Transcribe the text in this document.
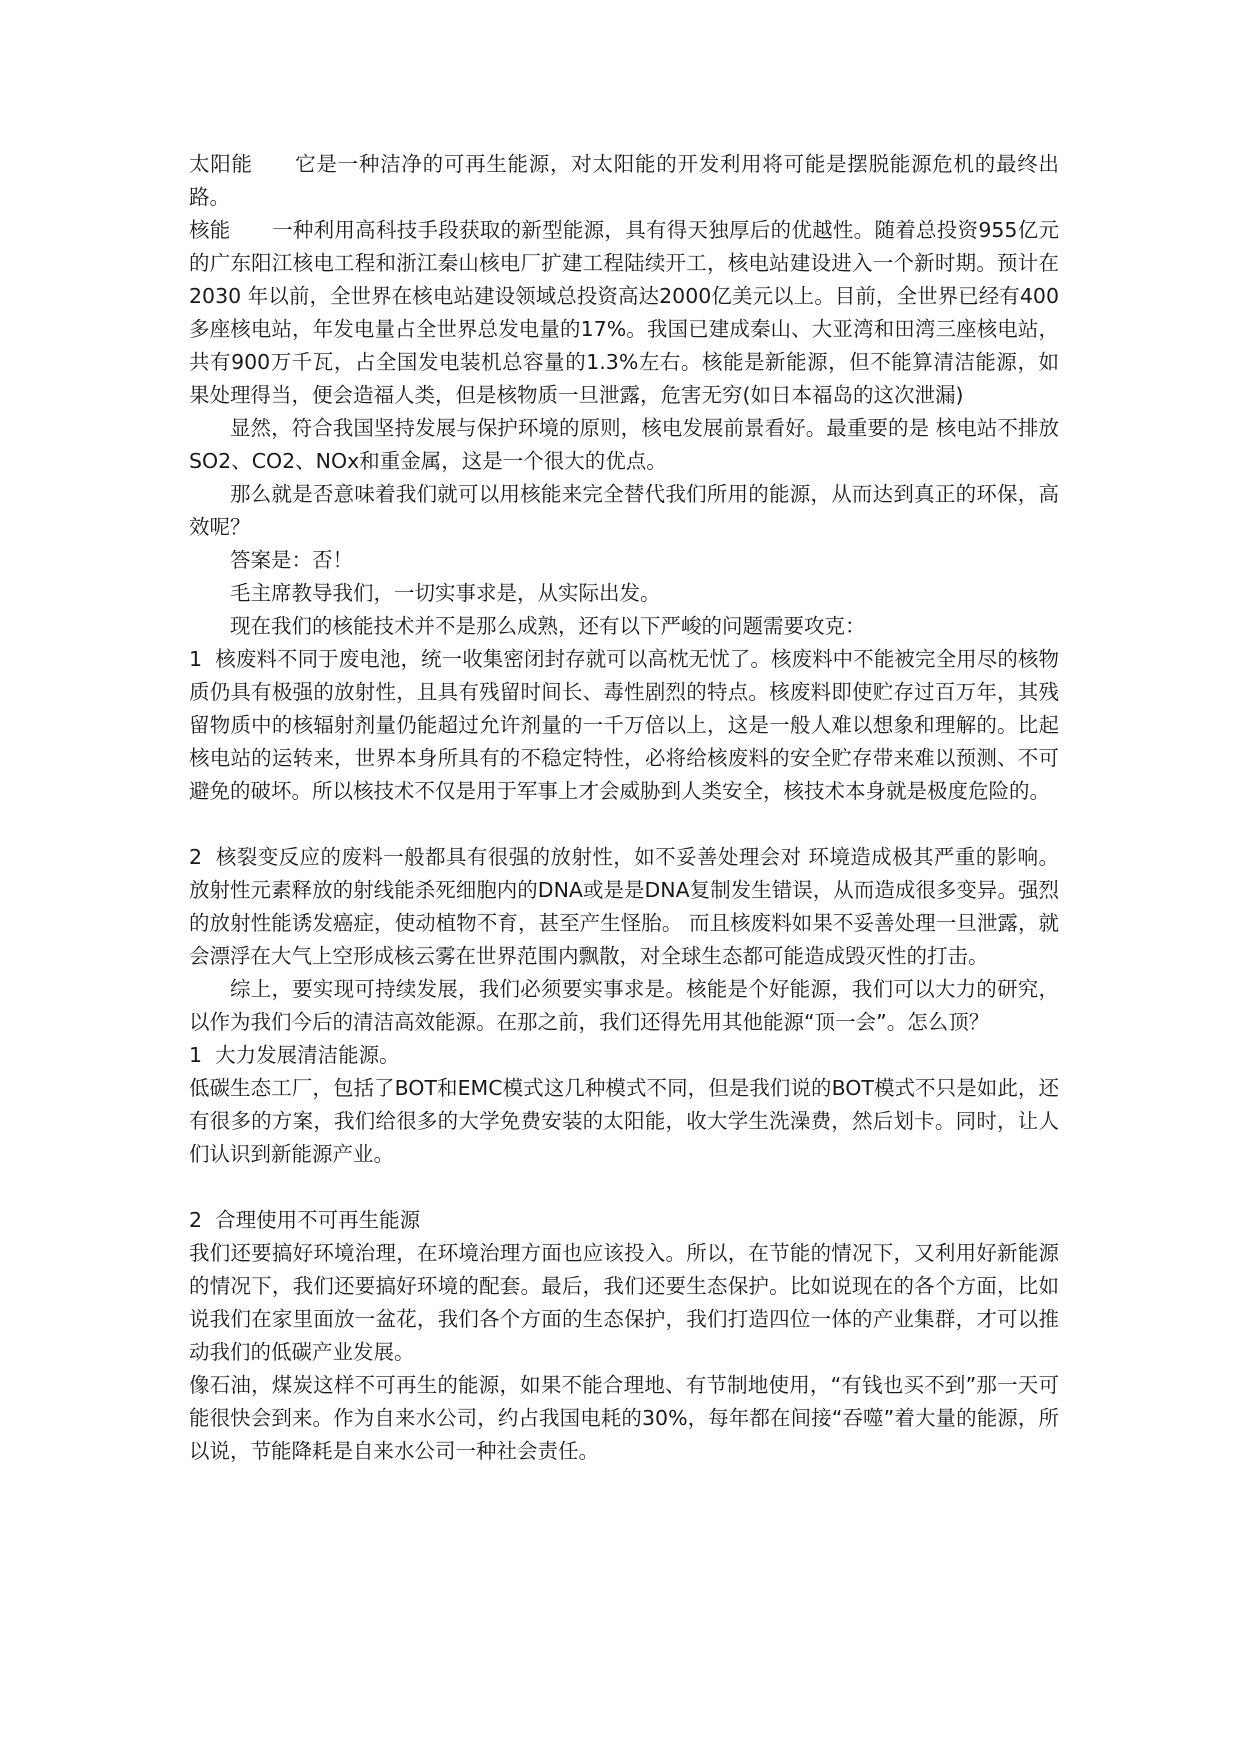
太阳能　　它是一种洁净的可再生能源，对太阳能的开发利用将可能是摆脱能源危机的最终出路。

核能　　一种利用高科技手段获取的新型能源，具有得天独厚后的优越性。随着总投资955亿元的广东阳江核电工程和浙江秦山核电厂扩建工程陆续开工，核电站建设进入一个新时期。预计在 2030 年以前，全世界在核电站建设领域总投资高达2000亿美元以上。目前，全世界已经有400多座核电站，年发电量占全世界总发电量的17%。我国已建成秦山、大亚湾和田湾三座核电站，共有900万千瓦，占全国发电装机总容量的1.3%左右。核能是新能源，但不能算清洁能源，如果处理得当，便会造福人类，但是核物质一旦泄露，危害无穷(如日本福岛的这次泄漏)

显然，符合我国坚持发展与保护环境的原则，核电发展前景看好。最重要的是 核电站不排放SO2、CO2、NOx和重金属，这是一个很大的优点。

那么就是否意味着我们就可以用核能来完全替代我们所用的能源，从而达到真正的环保，高效呢？

答案是：否！

毛主席教导我们，一切实事求是，从实际出发。

现在我们的核能技术并不是那么成熟，还有以下严峻的问题需要攻克：

1  核废料不同于废电池，统一收集密闭封存就可以高枕无忧了。核废料中不能被完全用尽的核物质仍具有极强的放射性，且具有残留时间长、毒性剧烈的特点。核废料即使贮存过百万年，其残留物质中的核辐射剂量仍能超过允许剂量的一千万倍以上，这是一般人难以想象和理解的。比起核电站的运转来，世界本身所具有的不稳定特性，必将给核废料的安全贮存带来难以预测、不可避免的破坏。所以核技术不仅是用于军事上才会威胁到人类安全，核技术本身就是极度危险的。

2  核裂变反应的废料一般都具有很强的放射性，如不妥善处理会对 环境造成极其严重的影响。放射性元素释放的射线能杀死细胞内的DNA或是是DNA复制发生错误，从而造成很多变异。强烈的放射性能诱发癌症，使动植物不育，甚至产生怪胎。 而且核废料如果不妥善处理一旦泄露，就会漂浮在大气上空形成核云雾在世界范围内飘散，对全球生态都可能造成毁灭性的打击。

综上，要实现可持续发展，我们必须要实事求是。核能是个好能源，我们可以大力的研究，以作为我们今后的清洁高效能源。在那之前，我们还得先用其他能源“顶一会”。怎么顶？

1  大力发展清洁能源。

低碳生态工厂，包括了BOT和EMC模式这几种模式不同，但是我们说的BOT模式不只是如此，还有很多的方案，我们给很多的大学免费安装的太阳能，收大学生洗澡费，然后划卡。同时，让人们认识到新能源产业。

2  合理使用不可再生能源

我们还要搞好环境治理，在环境治理方面也应该投入。所以，在节能的情况下，又利用好新能源的情况下，我们还要搞好环境的配套。最后，我们还要生态保护。比如说现在的各个方面，比如说我们在家里面放一盆花，我们各个方面的生态保护，我们打造四位一体的产业集群，才可以推动我们的低碳产业发展。

像石油，煤炭这样不可再生的能源，如果不能合理地、有节制地使用，“有钱也买不到”那一天可能很快会到来。作为自来水公司，约占我国电耗的30%，每年都在间接“吞噬”着大量的能源，所以说，节能降耗是自来水公司一种社会责任。
